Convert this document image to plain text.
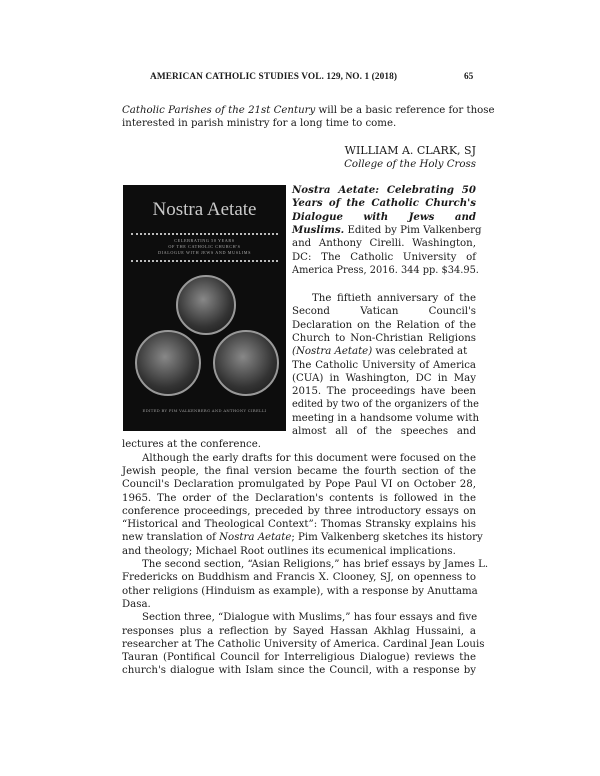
AMERICAN CATHOLIC STUDIES VOL. 129, NO. 1 (2018)	65
Catholic Parishes of the 21st Century will be a basic reference for those
interested in parish ministry for a long time to come.
WILLIAM A. CLARK, SJ
College of the Holy Cross
Nostra Aetate
CELEBRATING 50 YEARS
OF THE CATHOLIC CHURCH'S
DIALOGUE WITH JEWS AND MUSLIMS
EDITED BY PIM VALKENBERG AND ANTHONY CIRELLI
Nostra Aetate: Celebrating 50
Years of the Catholic Church's
Dialogue with Jews and
Muslims. Edited by Pim Valkenberg
and Anthony Cirelli. Washington,
DC: The Catholic University of
America Press, 2016. 344 pp. $34.95.
The fiftieth anniversary of the
Second Vatican Council's
Declaration on the Relation of the
Church to Non-Christian Religions
(Nostra Aetate) was celebrated at
The Catholic University of America
(CUA) in Washington, DC in May
2015. The proceedings have been
edited by two of the organizers of the
meeting in a handsome volume with
almost all of the speeches and
lectures at the conference.
Although the early drafts for this document were focused on the
Jewish people, the final version became the fourth section of the
Council's Declaration promulgated by Pope Paul VI on October 28,
1965. The order of the Declaration's contents is followed in the
conference proceedings, preceded by three introductory essays on
“Historical and Theological Context”: Thomas Stransky explains his
new translation of Nostra Aetate; Pim Valkenberg sketches its history
and theology; Michael Root outlines its ecumenical implications.
The second section, “Asian Religions,” has brief essays by James L.
Fredericks on Buddhism and Francis X. Clooney, SJ, on openness to
other religions (Hinduism as example), with a response by Anuttama
Dasa.
Section three, “Dialogue with Muslims,” has four essays and five
responses plus a reflection by Sayed Hassan Akhlag Hussaini, a
researcher at The Catholic University of America. Cardinal Jean Louis
Tauran (Pontifical Council for Interreligious Dialogue) reviews the
church's dialogue with Islam since the Council, with a response by
